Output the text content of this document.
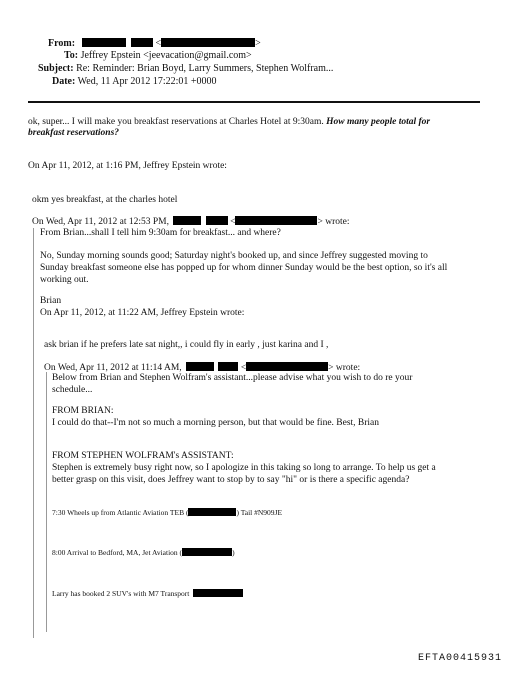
From:	<	>
To: Jeffrey Epstein <jeevacation@gmail.com>
Subject: Re: Reminder: Brian Boyd, Larry Summers, Stephen Wolfram...
Date: Wed, 11 Apr 2012 17:22:01 +0000
ok, super... I will make you breakfast reservations at Charles Hotel at 9:30am. How many people total for
breakfast reservations?
On Apr 11, 2012, at 1:16 PM, Jeffrey Epstein wrote:
okm yes breakfast, at the charles hotel
On Wed, Apr 11, 2012 at 12:53 PM,	<	> wrote:
From Brian...shall I tell him 9:30am for breakfast... and where?
No, Sunday morning sounds good; Saturday night's booked up, and since Jeffrey suggested moving to
Sunday breakfast someone else has popped up for whom dinner Sunday would be the best option, so it's all
working out.
Brian
On Apr 11, 2012, at 11:22 AM, Jeffrey Epstein wrote:
ask brian if he prefers late sat night,, i could fly in early , just karina and I ,
On Wed, Apr 11, 2012 at 11:14 AM,	<	> wrote:
Below from Brian and Stephen Wolfram's assistant...please advise what you wish to do re your
schedule...
FROM BRIAN:
I could do that--I'm not so much a morning person, but that would be fine. Best, Brian
FROM STEPHEN WOLFRAM's ASSISTANT:
Stephen is extremely busy right now, so I apologize in this taking so long to arrange. To help us get a
better grasp on this visit, does Jeffrey want to stop by to say "hi" or is there a specific agenda?
7:30 Wheels up from Atlantic Aviation TEB (	) Tail #N909JE
8:00 Arrival to Bedford, MA, Jet Aviation (	)
Larry has booked 2 SUV's with M7 Transport
EFTA00415931
